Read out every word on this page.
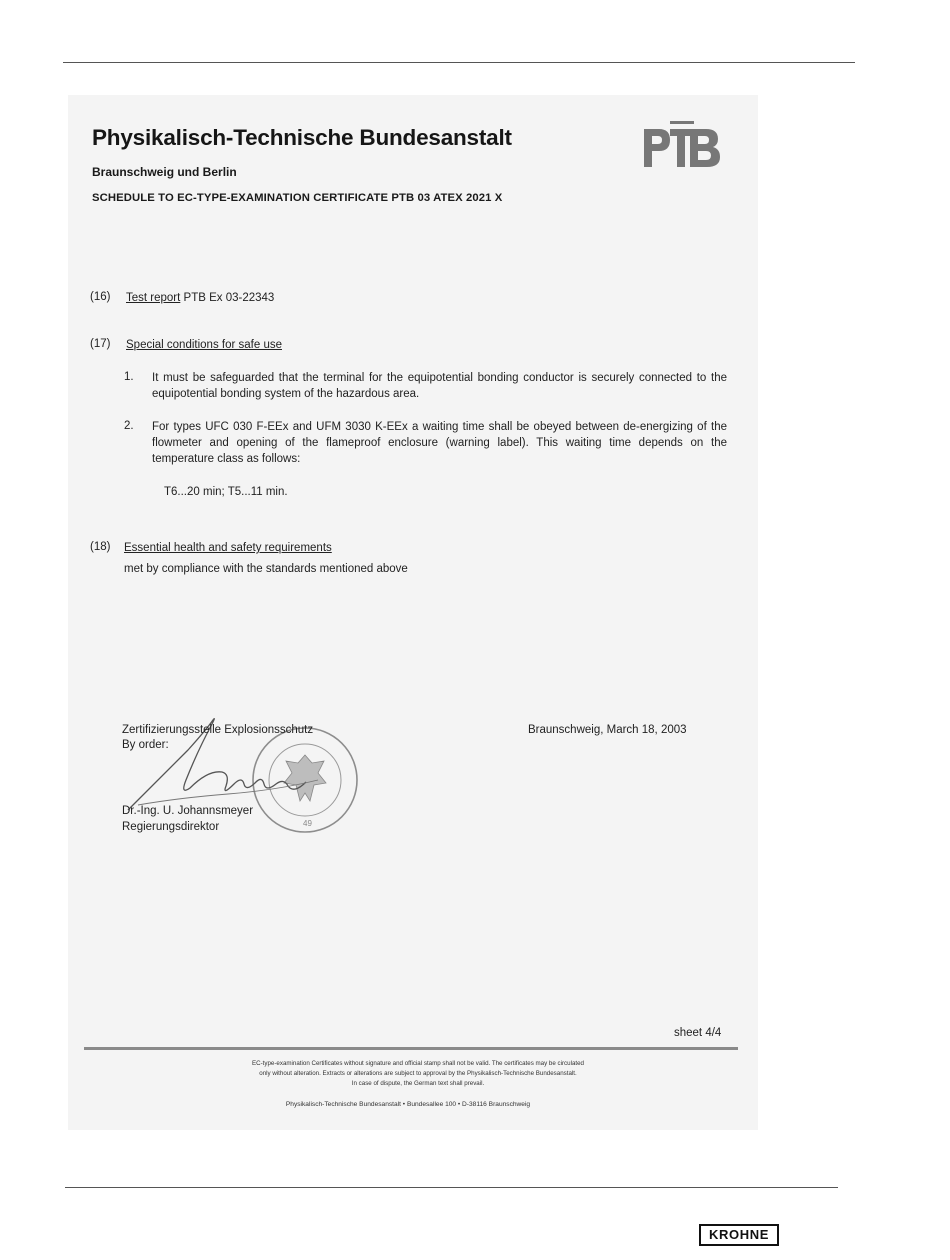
Physikalisch-Technische Bundesanstalt
Braunschweig und Berlin
SCHEDULE TO EC-TYPE-EXAMINATION CERTIFICATE PTB 03 ATEX 2021 X
(16) Test report PTB Ex 03-22343
(17) Special conditions for safe use
1. It must be safeguarded that the terminal for the equipotential bonding conductor is securely connected to the equipotential bonding system of the hazardous area.
2. For types UFC 030 F-EEx and UFM 3030 K-EEx a waiting time shall be obeyed between de-energizing of the flowmeter and opening of the flameproof enclosure (warning label). This waiting time depends on the temperature class as follows:
T6...20 min; T5...11 min.
(18) Essential health and safety requirements
met by compliance with the standards mentioned above
49
Zertifizierungsstelle Explosionsschutz
By order:
Dr.-Ing. U. Johannsmeyer
Regierungsdirektor
Braunschweig, March 18, 2003
sheet 4/4
EC-type-examination Certificates without signature and official stamp shall not be valid. The certificates may be circulated
only without alteration. Extracts or alterations are subject to approval by the Physikalisch-Technische Bundesanstalt.
In case of dispute, the German text shall prevail.
Physikalisch-Technische Bundesanstalt • Bundesallee 100 • D-38116 Braunschweig
KROHNE
